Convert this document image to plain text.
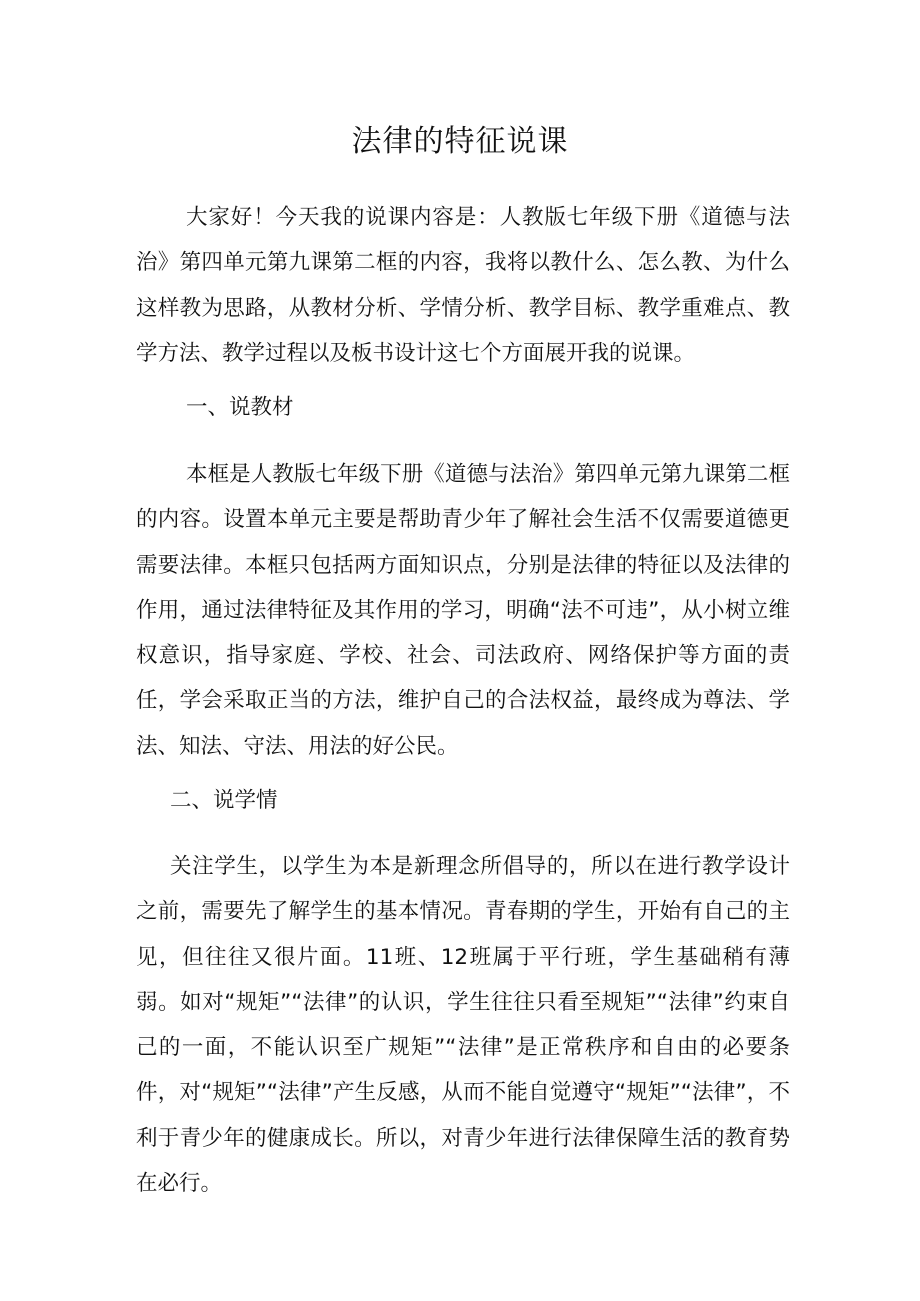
法律的特征说课

大家好！今天我的说课内容是：人教版七年级下册《道德与法治》第四单元第九课第二框的内容，我将以教什么、怎么教、为什么这样教为思路，从教材分析、学情分析、教学目标、教学重难点、教学方法、教学过程以及板书设计这七个方面展开我的说课。

一、说教材

本框是人教版七年级下册《道德与法治》第四单元第九课第二框的内容。设置本单元主要是帮助青少年了解社会生活不仅需要道德更需要法律。本框只包括两方面知识点，分别是法律的特征以及法律的作用，通过法律特征及其作用的学习，明确“法不可违”，从小树立维权意识，指导家庭、学校、社会、司法政府、网络保护等方面的责任，学会采取正当的方法，维护自己的合法权益，最终成为尊法、学法、知法、守法、用法的好公民。

二、说学情

关注学生，以学生为本是新理念所倡导的，所以在进行教学设计之前，需要先了解学生的基本情况。青春期的学生，开始有自己的主见，但往往又很片面。11班、12班属于平行班，学生基础稍有薄弱。如对“规矩”“法律”的认识，学生往往只看至规矩”“法律”约束自己的一面，不能认识至广规矩”“法律”是正常秩序和自由的必要条件，对“规矩”“法律”产生反感，从而不能自觉遵守“规矩”“法律”，不利于青少年的健康成长。所以，对青少年进行法律保障生活的教育势在必行。
